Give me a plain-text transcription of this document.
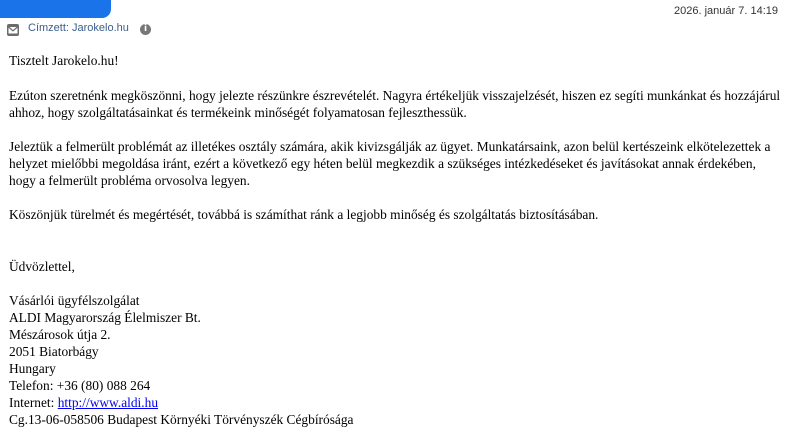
2026. január 7. 14:19
Címzett: Jarokelo.hu	i

Tisztelt Jarokelo.hu!

Ezúton szeretnénk megköszönni, hogy jelezte részünkre észrevételét. Nagyra értékeljük visszajelzését, hiszen ez segíti munkánkat és hozzájárul ahhoz, hogy szolgáltatásainkat és termékeink minőségét folyamatosan fejleszthessük.

Jeleztük a felmerült problémát az illetékes osztály számára, akik kivizsgálják az ügyet. Munkatársaink, azon belül kertészeink elkötelezettek a helyzet mielőbbi megoldása iránt, ezért a következő egy héten belül megkezdik a szükséges intézkedéseket és javításokat annak érdekében, hogy a felmerült probléma orvosolva legyen.

Köszönjük türelmét és megértését, továbbá is számíthat ránk a legjobb minőség és szolgáltatás biztosításában.

Üdvözlettel,

Vásárlói ügyfélszolgálat

ALDI Magyarország Élelmiszer Bt.

Mészárosok útja 2.

2051 Biatorbágy

Hungary

Telefon: +36 (80) 088 264

Internet: http://www.aldi.hu

Cg.13-06-058506 Budapest Környéki Törvényszék Cégbírósága
